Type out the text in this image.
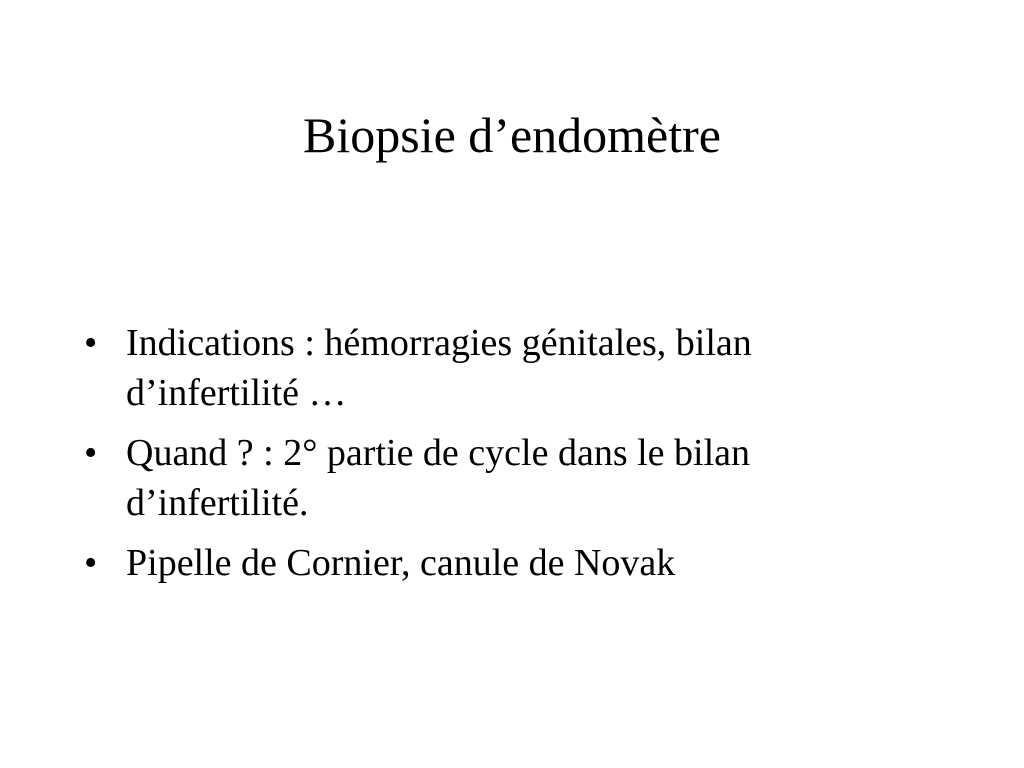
Biopsie d’endomètre
• Indications : hémorragies génitales, bilan d’infertilité …
• Quand ? : 2° partie de cycle dans le bilan d’infertilité.
• Pipelle de Cornier, canule de Novak
